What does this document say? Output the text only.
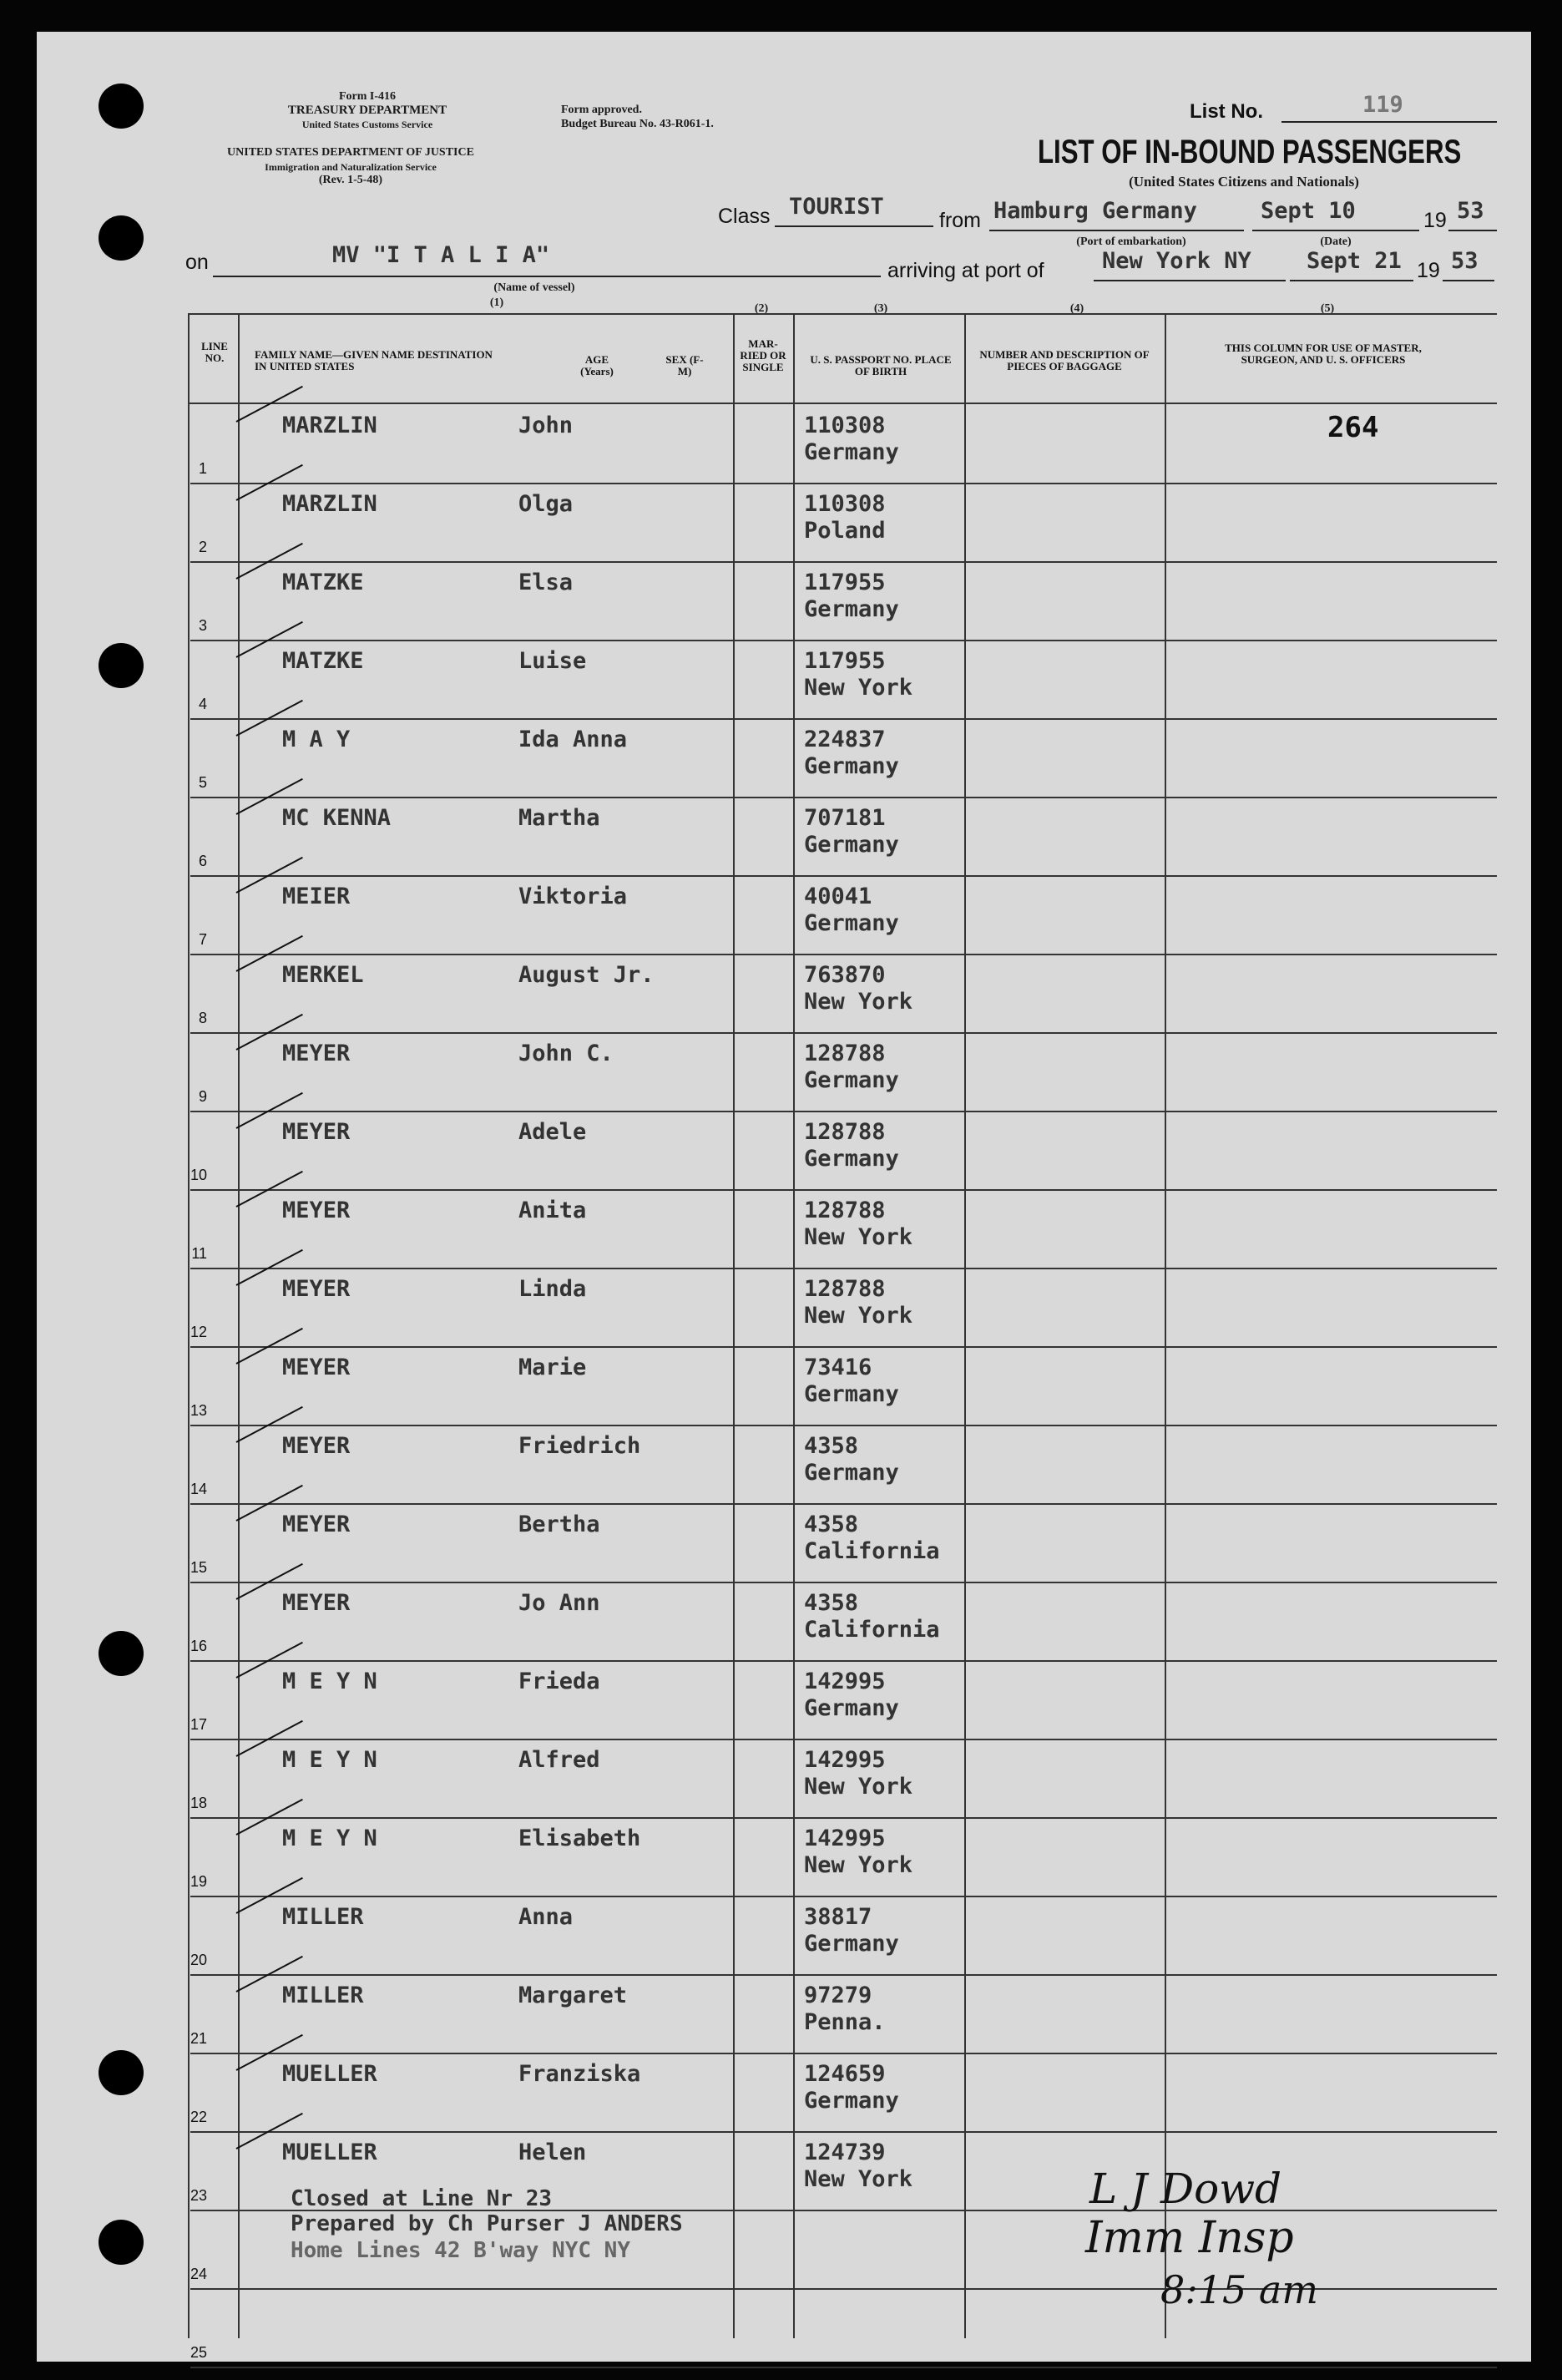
Form I-416
TREASURY DEPARTMENT
United States Customs Service
UNITED STATES DEPARTMENT OF JUSTICE
Immigration and Naturalization Service
(Rev. 1-5-48)
Form approved.
Budget Bureau No. 43-R061-1.
List No.	119
LIST OF IN-BOUND PASSENGERS
(United States Citizens and Nationals)
Class TOURIST
from Hamburg Germany	Sept 10	19 53
(Port of embarkation)	(Date)
on	MV "I T A L I A"
(Name of vessel)
arriving at port of	New York NY Sept 21 19 53
(1)	(2)	(3)	(4)	(5)
LINE NO.	FAMILY NAME—GIVEN NAME DESTINATION IN UNITED STATES
AGE (Years)
SEX (F-M)
MAR-RIED OR SINGLE
U. S. PASSPORT NO. PLACE OF BIRTH
NUMBER AND DESCRIPTION OF PIECES OF BAGGAGE
THIS COLUMN FOR USE OF MASTER, SURGEON, AND U. S. OFFICERS
264
1
MARZLIN	John	110308
Germany
2
MARZLIN	Olga	110308
Poland
3
MATZKE	Elsa	117955
Germany
4
MATZKE	Luise	117955
New York
5
M A Y	Ida Anna	224837
Germany
6
MC KENNA	Martha	707181
Germany
7
MEIER	Viktoria	40041
Germany
8
MERKEL	August Jr.	763870
New York
9
MEYER	John C.	128788
Germany
10
MEYER	Adele	128788
Germany
11
MEYER	Anita	128788
New York
12
MEYER	Linda	128788
New York
13
MEYER	Marie	73416
Germany
14
MEYER	Friedrich	4358
Germany
15
MEYER	Bertha	4358
California
16
MEYER	Jo Ann	4358
California
17
M E Y N	Frieda	142995
Germany
18
M E Y N	Alfred	142995
New York
19
M E Y N	Elisabeth	142995
New York
20
MILLER	Anna	38817
Germany
21
MILLER	Margaret	97279
Penna.
22
MUELLER	Franziska	124659
Germany
23
MUELLER	Helen	124739
New York
24
25
Closed at Line Nr 23
Prepared by Ch Purser J ANDERS
Home Lines 42 B'way NYC NY
L J Dowd
Imm Insp
8:15 am
